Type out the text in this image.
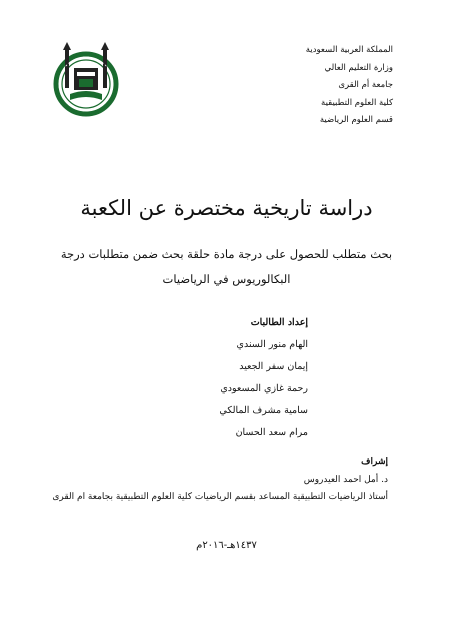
المملكة العربية السعودية
وزارة التعليم العالي
جامعة أم القرى
كلية العلوم التطبيقية
قسم العلوم الرياضية
دراسة تاريخية مختصرة عن الكعبة
بحث متطلب للحصول على درجة مادة حلقة بحث ضمن متطلبات درجة
البكالوريوس في الرياضيات
إعداد الطالبات
الهام منور السندي
إيمان سفر الجعيد
رحمة غازي المسعودي
سامية مشرف المالكي
مرام سعد الحسان
إشراف
د. أمل احمد العيدروس
أستاذ الرياضيات التطبيقية المساعد بقسم الرياضيات كلية العلوم التطبيقية بجامعة ام القرى
١٤٣٧هـ-٢٠١٦م
